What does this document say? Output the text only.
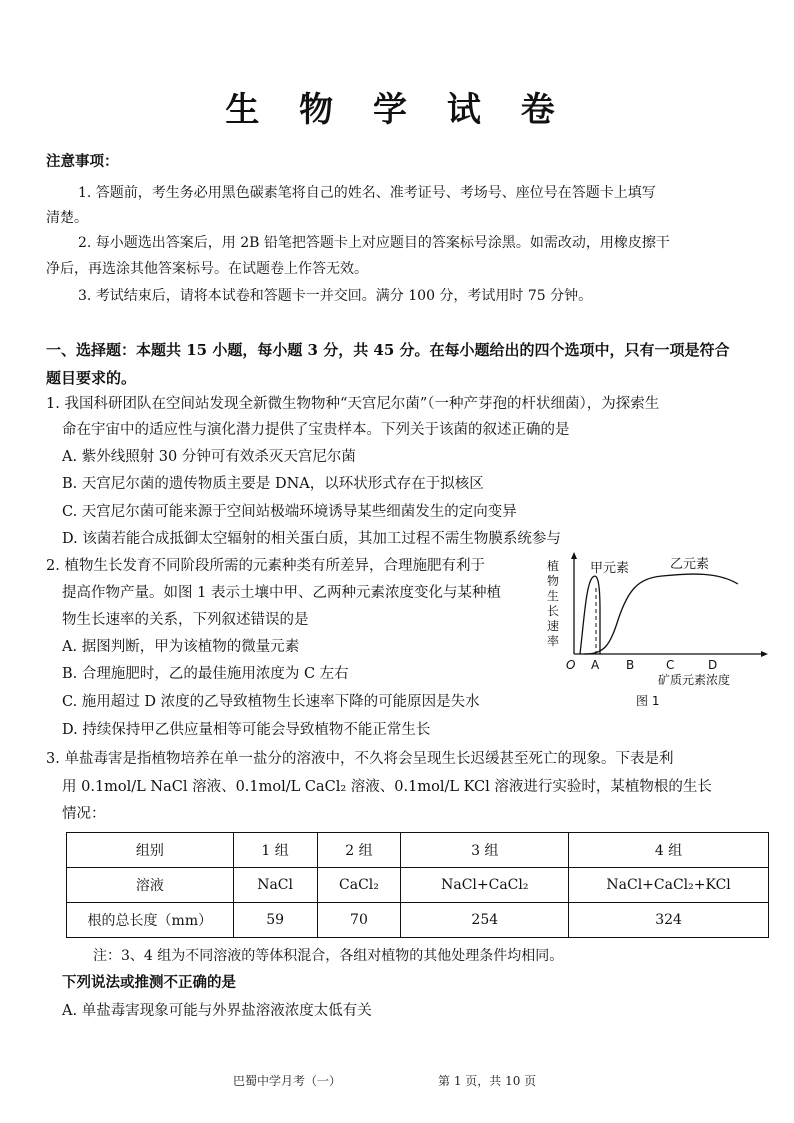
生 物 学 试 卷
注意事项：
1. 答题前，考生务必用黑色碳素笔将自己的姓名、准考证号、考场号、座位号在答题卡上填写
清楚。
2. 每小题选出答案后，用 2B 铅笔把答题卡上对应题目的答案标号涂黑。如需改动，用橡皮擦干
净后，再选涂其他答案标号。在试题卷上作答无效。
3. 考试结束后，请将本试卷和答题卡一并交回。满分 100 分，考试用时 75 分钟。
一、选择题：本题共 15 小题，每小题 3 分，共 45 分。在每小题给出的四个选项中，只有一项是符合
题目要求的。
1. 我国科研团队在空间站发现全新微生物物种“天宫尼尔菌”（一种产芽孢的杆状细菌），为探索生
命在宇宙中的适应性与演化潜力提供了宝贵样本。下列关于该菌的叙述正确的是
A. 紫外线照射 30 分钟可有效杀灭天宫尼尔菌
B. 天宫尼尔菌的遗传物质主要是 DNA，以环状形式存在于拟核区
C. 天宫尼尔菌可能来源于空间站极端环境诱导某些细菌发生的定向变异
D. 该菌若能合成抵御太空辐射的相关蛋白质，其加工过程不需生物膜系统参与
2. 植物生长发育不同阶段所需的元素种类有所差异，合理施肥有利于
提高作物产量。如图 1 表示土壤中甲、乙两种元素浓度变化与某种植
物生长速率的关系，下列叙述错误的是
A. 据图判断，甲为该植物的微量元素
B. 合理施肥时，乙的最佳施用浓度为 C 左右
C. 施用超过 D 浓度的乙导致植物生长速率下降的可能原因是失水
D. 持续保持甲乙供应量相等可能会导致植物不能正常生长
植
物
生
长
速
率
甲元素	乙元素
O A B	C	D
矿质元素浓度
图 1
3. 单盐毒害是指植物培养在单一盐分的溶液中，不久将会呈现生长迟缓甚至死亡的现象。下表是利
用 0.1mol/L NaCl 溶液、0.1mol/L CaCl₂ 溶液、0.1mol/L KCl 溶液进行实验时，某植物根的生长
情况：
组别	1 组	2 组	3 组	4 组
溶液	NaCl	CaCl₂	NaCl+CaCl₂	NaCl+CaCl₂+KCl
根的总长度（mm）	59	70	254	324
注：3、4 组为不同溶液的等体积混合，各组对植物的其他处理条件均相同。
下列说法或推测不正确的是
A. 单盐毒害现象可能与外界盐溶液浓度太低有关
巴蜀中学月考（一）	第 1 页，共 10 页
